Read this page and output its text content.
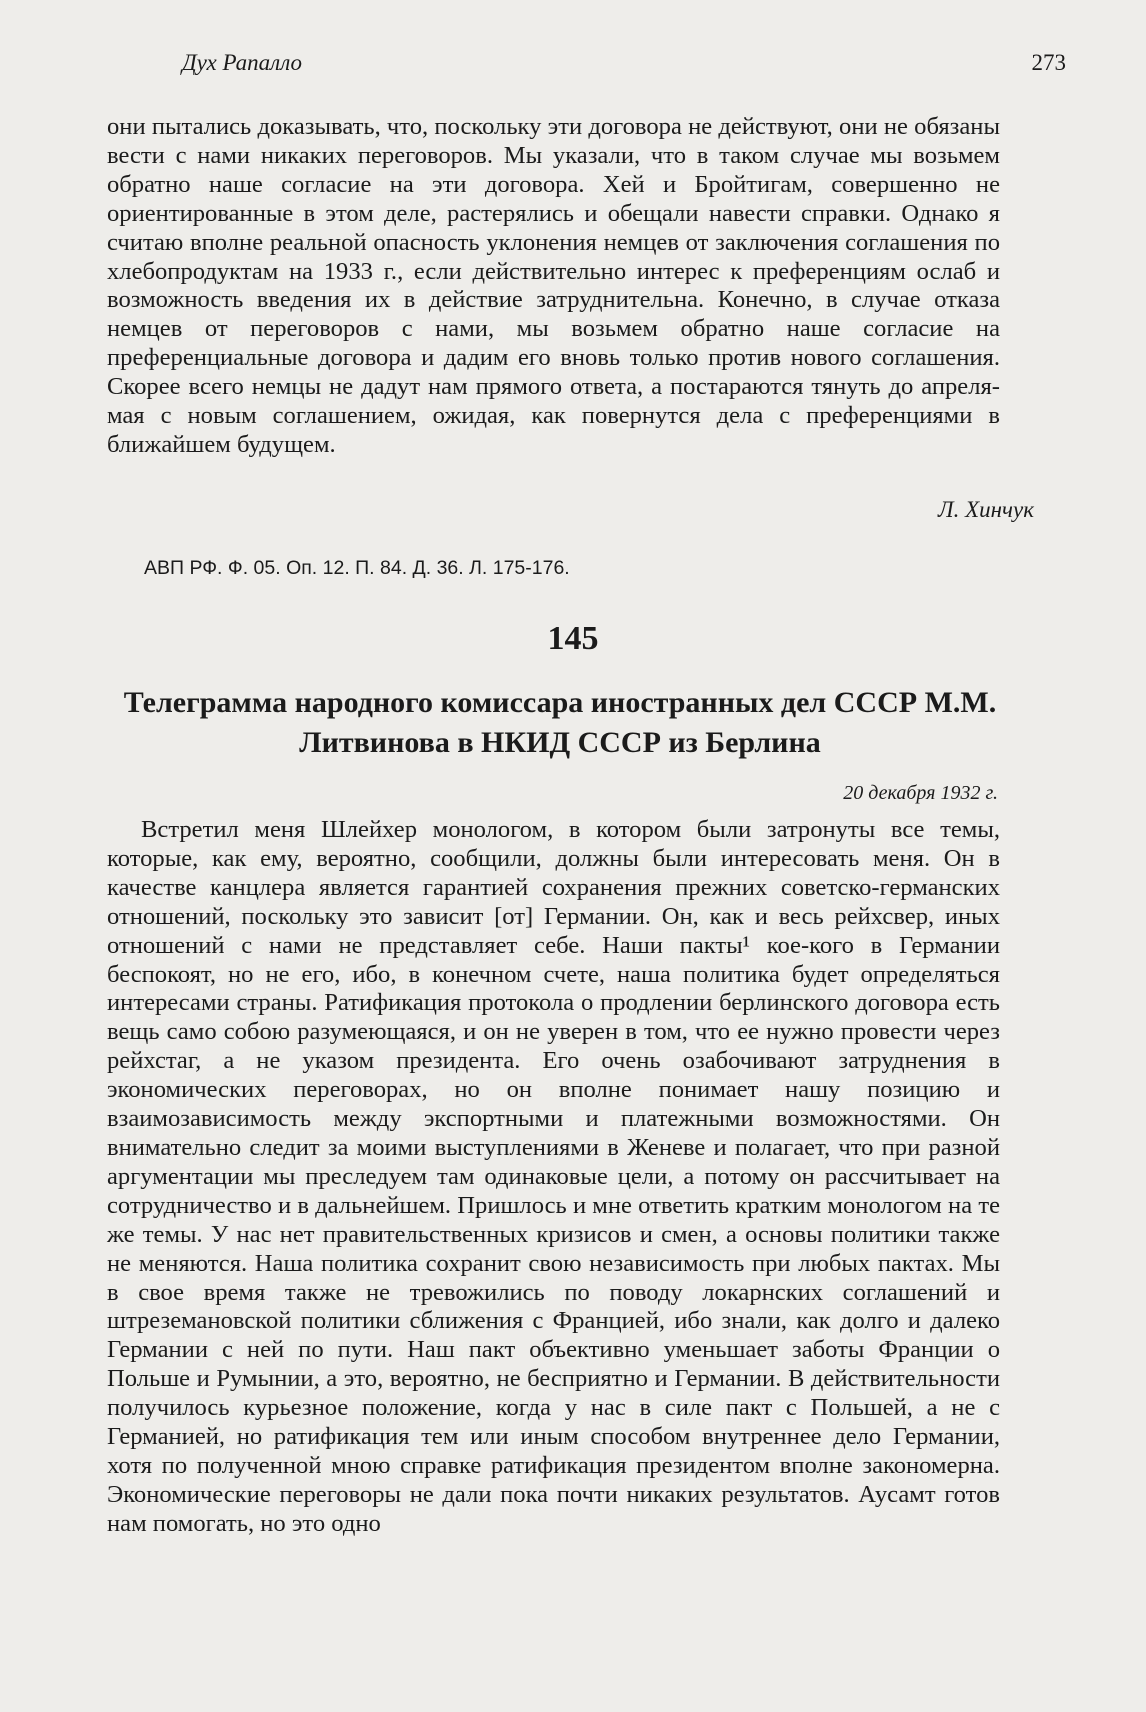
Дух Рапалло	273

они пытались доказывать, что, поскольку эти договора не действуют, они не обязаны вести с нами никаких переговоров. Мы указали, что в таком случае мы возьмем обратно наше согласие на эти договора. Хей и Бройтигам, совершенно не ориентированные в этом деле, растерялись и обещали навести справки. Однако я считаю вполне реальной опасность уклонения немцев от заключения соглашения по хлебопродуктам на 1933 г., если действительно интерес к преференциям ослаб и возможность введения их в действие затруднительна. Конечно, в случае отказа немцев от переговоров с нами, мы возьмем обратно наше согласие на преференциальные договора и дадим его вновь только против нового соглашения. Скорее всего немцы не дадут нам прямого ответа, а постараются тянуть до апреля-мая с новым соглашением, ожидая, как повернутся дела с преференциями в ближайшем будущем.

Л. Хинчук
АВП РФ. Ф. 05. Оп. 12. П. 84. Д. 36. Л. 175-176.
145
Телеграмма народного комиссара иностранных дел СССР М.М. Литвинова в НКИД СССР из Берлина
20 декабря 1932 г.

Встретил меня Шлейхер монологом, в котором были затронуты все темы, которые, как ему, вероятно, сообщили, должны были интересовать меня. Он в качестве канцлера является гарантией сохранения прежних советско-германских отношений, поскольку это зависит [от] Германии. Он, как и весь рейхсвер, иных отношений с нами не представляет себе. Наши пакты¹ кое-кого в Германии беспокоят, но не его, ибо, в конечном счете, наша политика будет определяться интересами страны. Ратификация протокола о продлении берлинского договора есть вещь само собою разумеющаяся, и он не уверен в том, что ее нужно провести через рейхстаг, а не указом президента. Его очень озабочивают затруднения в экономических переговорах, но он вполне понимает нашу позицию и взаимозависимость между экспортными и платежными возможностями. Он внимательно следит за моими выступлениями в Женеве и полагает, что при разной аргументации мы преследуем там одинаковые цели, а потому он рассчитывает на сотрудничество и в дальнейшем. Пришлось и мне ответить кратким монологом на те же темы. У нас нет правительственных кризисов и смен, а основы политики также не меняются. Наша политика сохранит свою независимость при любых пактах. Мы в свое время также не тревожились по поводу локарнских соглашений и штреземановской политики сближения с Францией, ибо знали, как долго и далеко Германии с ней по пути. Наш пакт объективно уменьшает заботы Франции о Польше и Румынии, а это, вероятно, не бесприятно и Германии. В действительности получилось курьезное положение, когда у нас в силе пакт с Польшей, а не с Германией, но ратификация тем или иным способом внутреннее дело Германии, хотя по полученной мною справке ратификация президентом вполне закономерна. Экономические переговоры не дали пока почти никаких результатов. Аусамт готов нам помогать, но это одно
